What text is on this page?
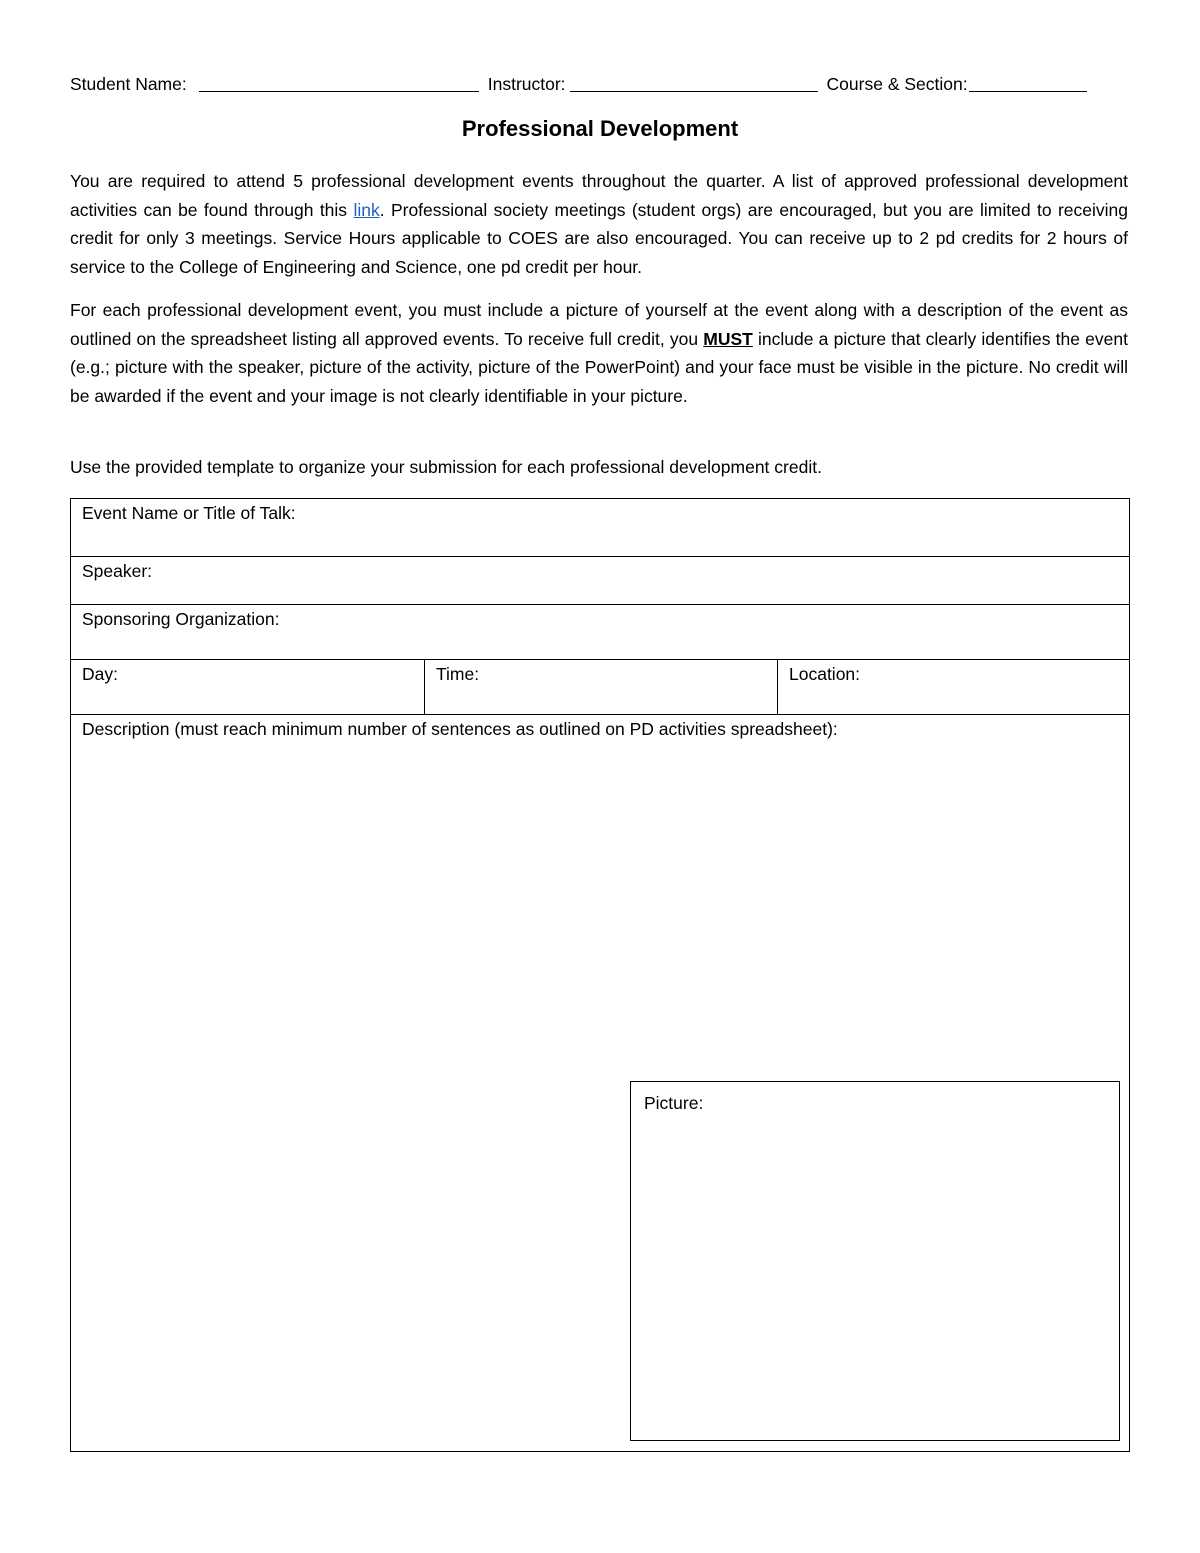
Student Name:	Instructor:	Course & Section:
Professional Development

You are required to attend 5 professional development events throughout the quarter. A list of approved professional development activities can be found through this link. Professional society meetings (student orgs) are encouraged, but you are limited to receiving credit for only 3 meetings. Service Hours applicable to COES are also encouraged. You can receive up to 2 pd credits for 2 hours of service to the College of Engineering and Science, one pd credit per hour.

For each professional development event, you must include a picture of yourself at the event along with a description of the event as outlined on the spreadsheet listing all approved events. To receive full credit, you MUST include a picture that clearly identifies the event (e.g.; picture with the speaker, picture of the activity, picture of the PowerPoint) and your face must be visible in the picture. No credit will be awarded if the event and your image is not clearly identifiable in your picture.

Use the provided template to organize your submission for each professional development credit.

Event Name or Title of Talk:
Speaker:
Sponsoring Organization:
Day:	Time:	Location:
Description (must reach minimum number of sentences as outlined on PD activities spreadsheet):
Picture:
